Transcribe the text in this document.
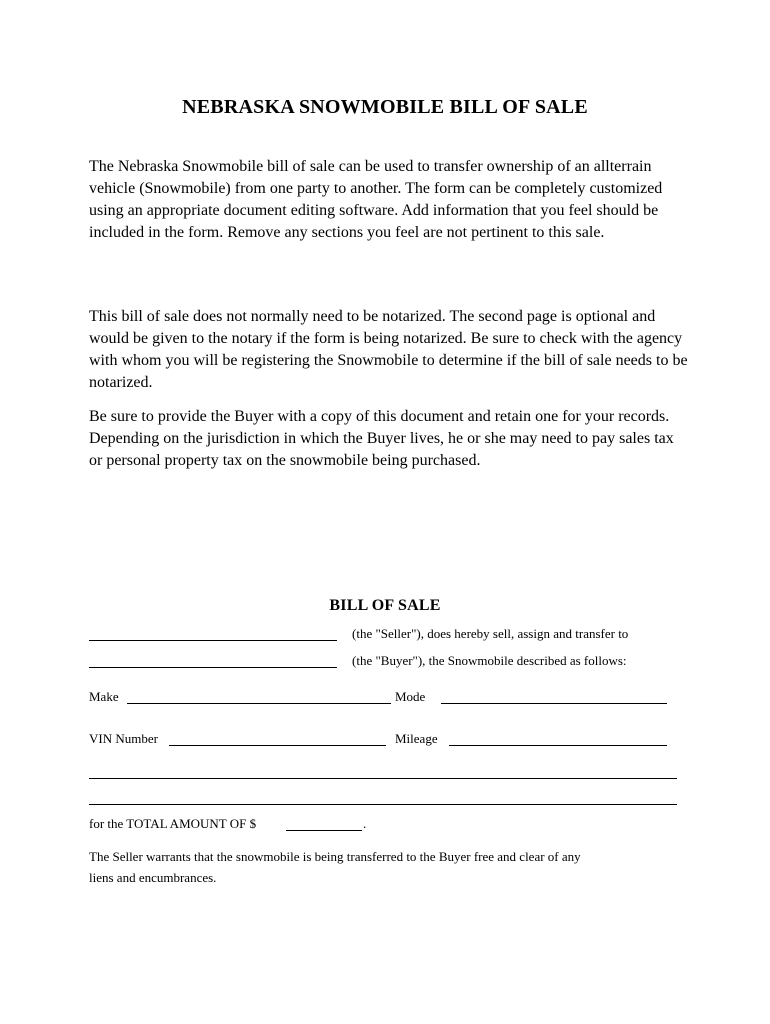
NEBRASKA SNOWMOBILE BILL OF SALE
The Nebraska Snowmobile bill of sale can be used to transfer ownership of an allterrain vehicle (Snowmobile) from one party to another. The form can be completely customized using an appropriate document editing software. Add information that you feel should be included in the form. Remove any sections you feel are not pertinent to this sale.
This bill of sale does not normally need to be notarized. The second page is optional and would be given to the notary if the form is being notarized. Be sure to check with the agency with whom you will be registering the Snowmobile to determine if the bill of sale needs to be notarized.
Be sure to provide the Buyer with a copy of this document and retain one for your records. Depending on the jurisdiction in which the Buyer lives, he or she may need to pay sales tax or personal property tax on the snowmobile being purchased.
BILL OF SALE
(the "Seller"), does hereby sell, assign and transfer to
(the "Buyer"), the Snowmobile described as follows:
Make	Mode
VIN Number	Mileage
for the TOTAL AMOUNT OF $	.
The Seller warrants that the snowmobile is being transferred to the Buyer free and clear of any
liens and encumbrances.
